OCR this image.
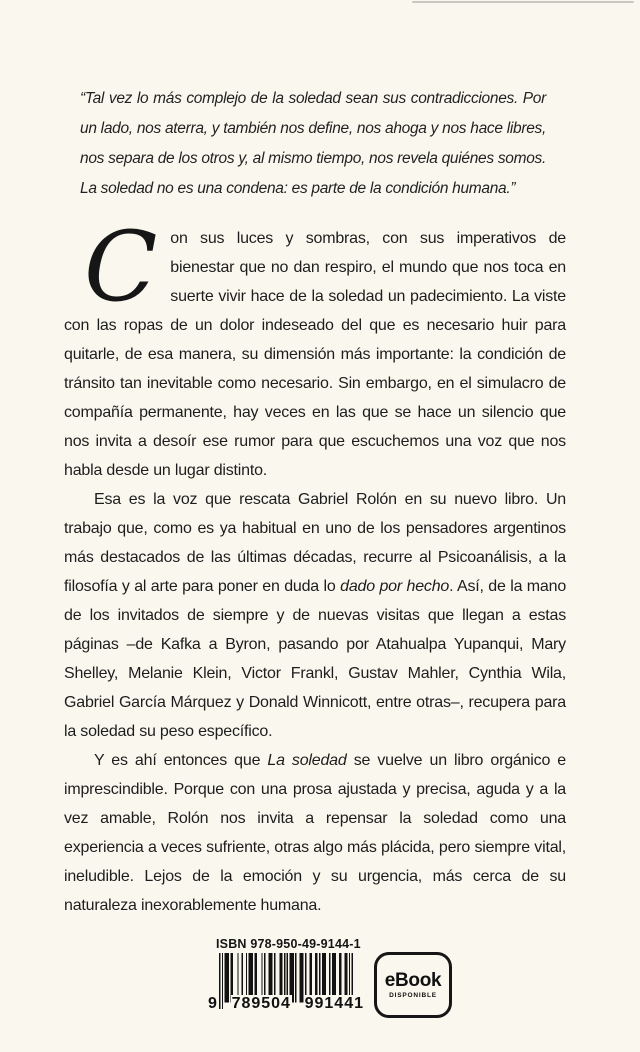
“Tal vez lo más complejo de la soledad sean sus contradicciones. Por un lado, nos aterra, y también nos define, nos ahoga y nos hace libres, nos separa de los otros y, al mismo tiempo, nos revela quiénes somos. La soledad no es una condena: es parte de la condición humana.”

Con sus luces y sombras, con sus imperativos de bienestar que no dan respiro, el mundo que nos toca en suerte vivir hace de la soledad un padecimiento. La viste con las ropas de un dolor indeseado del que es necesario huir para quitarle, de esa manera, su dimensión más importante: la condición de tránsito tan inevitable como necesario. Sin embargo, en el simulacro de compañía permanente, hay veces en las que se hace un silencio que nos invita a desoír ese rumor para que escuchemos una voz que nos habla desde un lugar distinto.

Esa es la voz que rescata Gabriel Rolón en su nuevo libro. Un trabajo que, como es ya habitual en uno de los pensadores argentinos más destacados de las últimas décadas, recurre al Psicoanálisis, a la filosofía y al arte para poner en duda lo dado por hecho. Así, de la mano de los invitados de siempre y de nuevas visitas que llegan a estas páginas –de Kafka a Byron, pasando por Atahualpa Yupanqui, Mary Shelley, Melanie Klein, Victor Frankl, Gustav Mahler, Cynthia Wila, Gabriel García Márquez y Donald Winnicott, entre otras–, recupera para la soledad su peso específico.

Y es ahí entonces que La soledad se vuelve un libro orgánico e imprescindible. Porque con una prosa ajustada y precisa, aguda y a la vez amable, Rolón nos invita a repensar la soledad como una experiencia a veces sufriente, otras algo más plácida, pero siempre vital, ineludible. Lejos de la emoción y su urgencia, más cerca de su naturaleza inexorablemente humana.

ISBN 978-950-49-9144-1
9 789504 991441
eBook
DISPONIBLE
